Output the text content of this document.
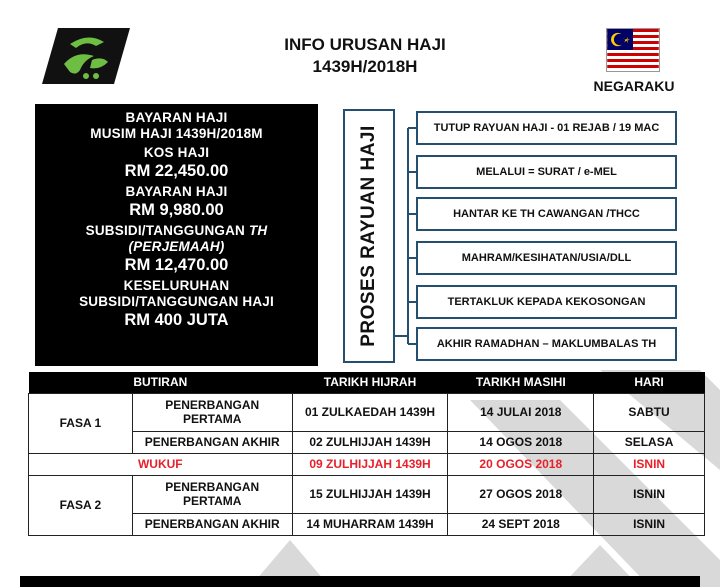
INFO URUSAN HAJI
1439H/2018H
NEGARAKU
BAYARAN HAJI
MUSIM HAJI 1439H/2018M
KOS HAJI
RM 22,450.00
BAYARAN HAJI
RM 9,980.00
SUBSIDI/TANGGUNGAN TH
(PERJEMAAH)
RM 12,470.00
KESELURUHAN
SUBSIDI/TANGGUNGAN HAJI
RM 400 JUTA	PROSES RAYUAN HAJI	TUTUP RAYUAN HAJI - 01 REJAB / 19 MAC
MELALUI = SURAT / e-MEL
HANTAR KE TH CAWANGAN /THCC
MAHRAM/KESIHATAN/USIA/DLL
TERTAKLUK KEPADA KEKOSONGAN
AKHIR RAMADHAN – MAKLUMBALAS TH
BUTIRAN		TARIKH HIJRAH	TARIKH MASIHI	HARI
FASA 1	PENERBANGAN PERTAMA	01 ZULKAEDAH 1439H	14 JULAI 2018	SABTU
	PENERBANGAN AKHIR	02 ZULHIJJAH 1439H	14 OGOS 2018	SELASA
WUKUF		09 ZULHIJJAH 1439H	20 OGOS 2018	ISNIN
FASA 2	PENERBANGAN PERTAMA	15 ZULHIJJAH 1439H	27 OGOS 2018	ISNIN
	PENERBANGAN AKHIR	14 MUHARRAM 1439H	24 SEPT 2018	ISNIN
